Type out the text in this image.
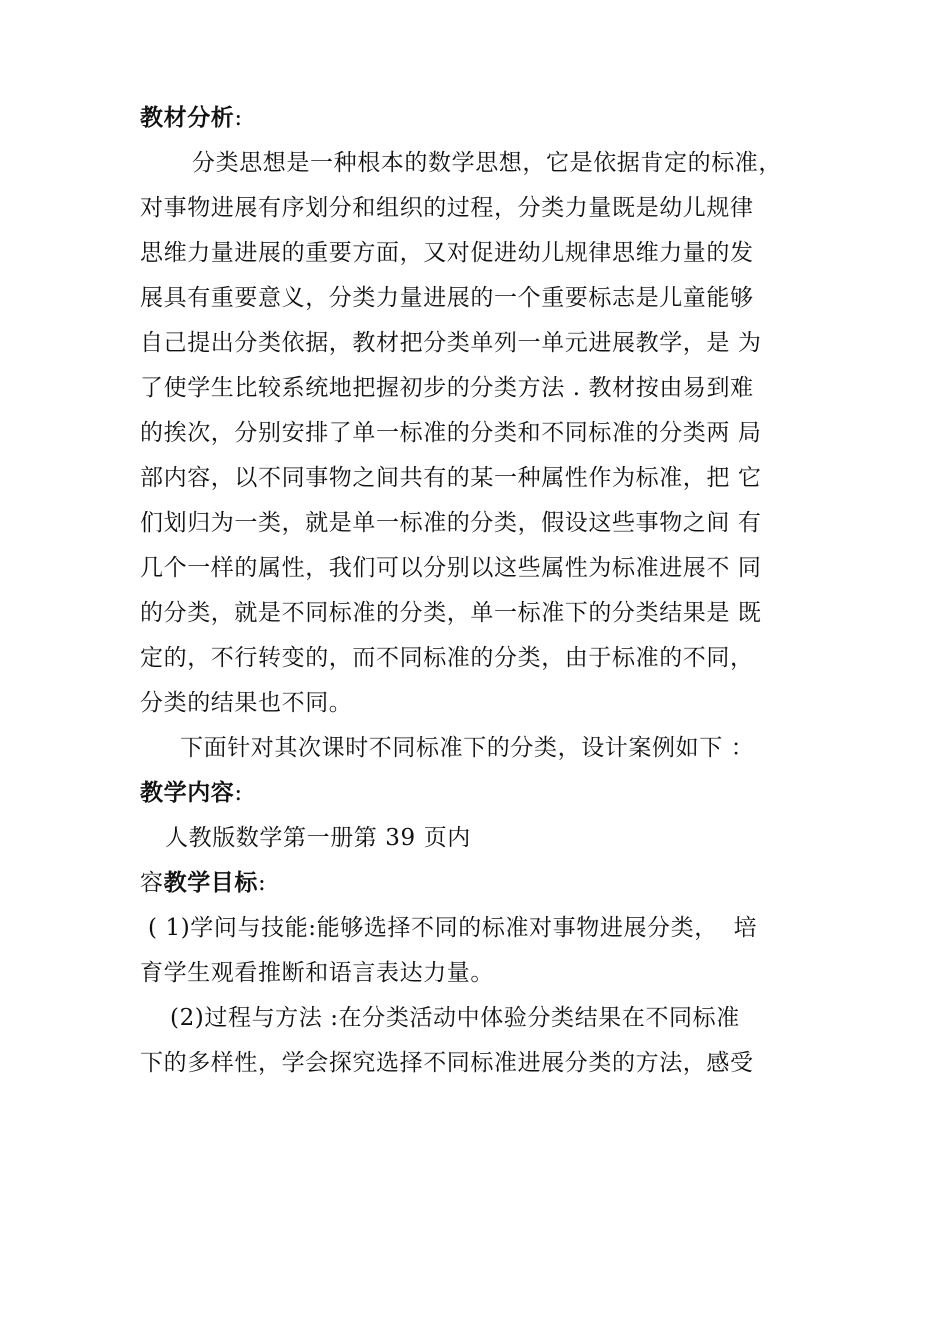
教材分析:
分类思想是一种根本的数学思想，它是依据肯定的标准，
对事物进展有序划分和组织的过程，分类力量既是幼儿规律
思维力量进展的重要方面，又对促进幼儿规律思维力量的发
展具有重要意义，分类力量进展的一个重要标志是儿童能够
自己提出分类依据，教材把分类单列一单元进展教学，是 为
了使学生比较系统地把握初步的分类方法 . 教材按由易到难
的挨次，分别安排了单一标准的分类和不同标准的分类两 局
部内容，以不同事物之间共有的某一种属性作为标准，把 它
们划归为一类，就是单一标准的分类，假设这些事物之间 有
几个一样的属性，我们可以分别以这些属性为标准进展不 同
的分类，就是不同标准的分类，单一标准下的分类结果是 既
定的，不行转变的，而不同标准的分类，由于标准的不同，
分类的结果也不同。
下面针对其次课时不同标准下的分类，设计案例如下 ：
教学内容:
人教版数学第一册第 39 页内
容教学目标:
( 1)学问与技能:能够选择不同的标准对事物进展分类，  培
育学生观看推断和语言表达力量。
(2)过程与方法 :在分类活动中体验分类结果在不同标准
下的多样性，学会探究选择不同标准进展分类的方法，感受
